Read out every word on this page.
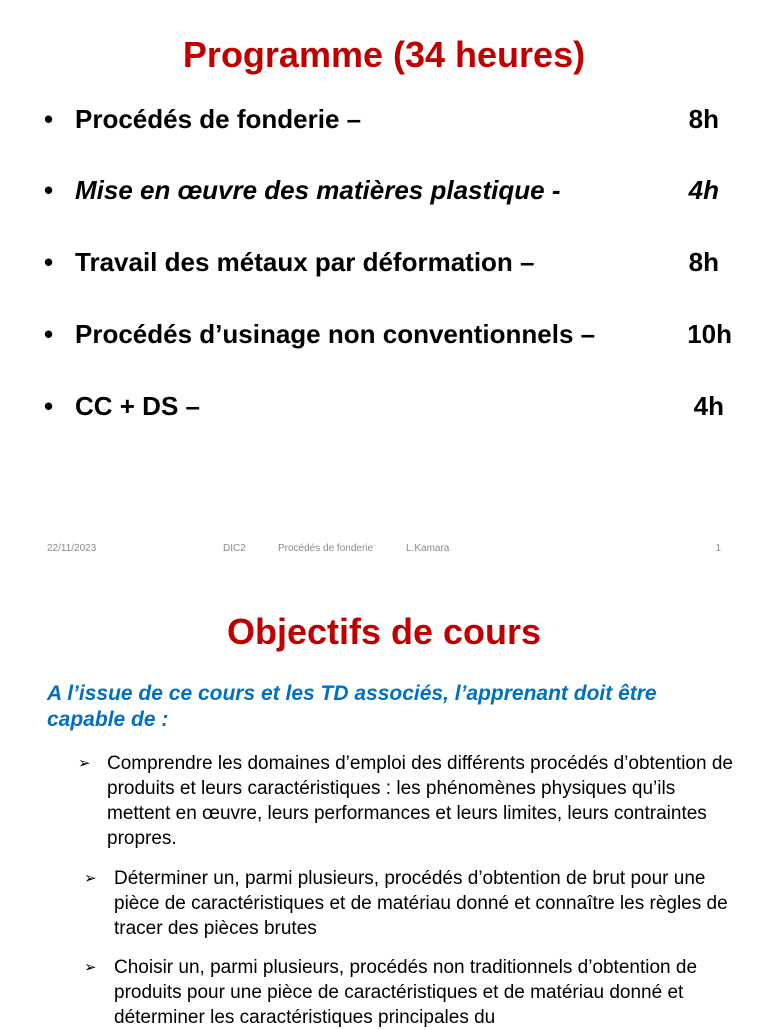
Programme (34 heures)
• Procédés de fonderie –	8h
• Mise en œuvre des matières plastique -	4h
• Travail des métaux par déformation –	8h
• Procédés d’usinage non conventionnels –	10h
• CC + DS –	4h
22/11/2023	DIC2	Procédés de fonderie	L.Kamara	1
Objectifs de cours
A l’issue de ce cours et les TD associés, l’apprenant doit être capable de :
➢ Comprendre les domaines d’emploi des différents procédés d’obtention de produits et leurs caractéristiques : les phénomènes physiques qu’ils mettent en œuvre, leurs performances et leurs limites, leurs contraintes propres.
➢ Déterminer un, parmi plusieurs, procédés d’obtention de brut pour une pièce de caractéristiques et de matériau donné et connaître les règles de tracer des pièces brutes
➢ Choisir un, parmi plusieurs, procédés non traditionnels d’obtention de produits pour une pièce de caractéristiques et de matériau donné et déterminer les caractéristiques principales du
